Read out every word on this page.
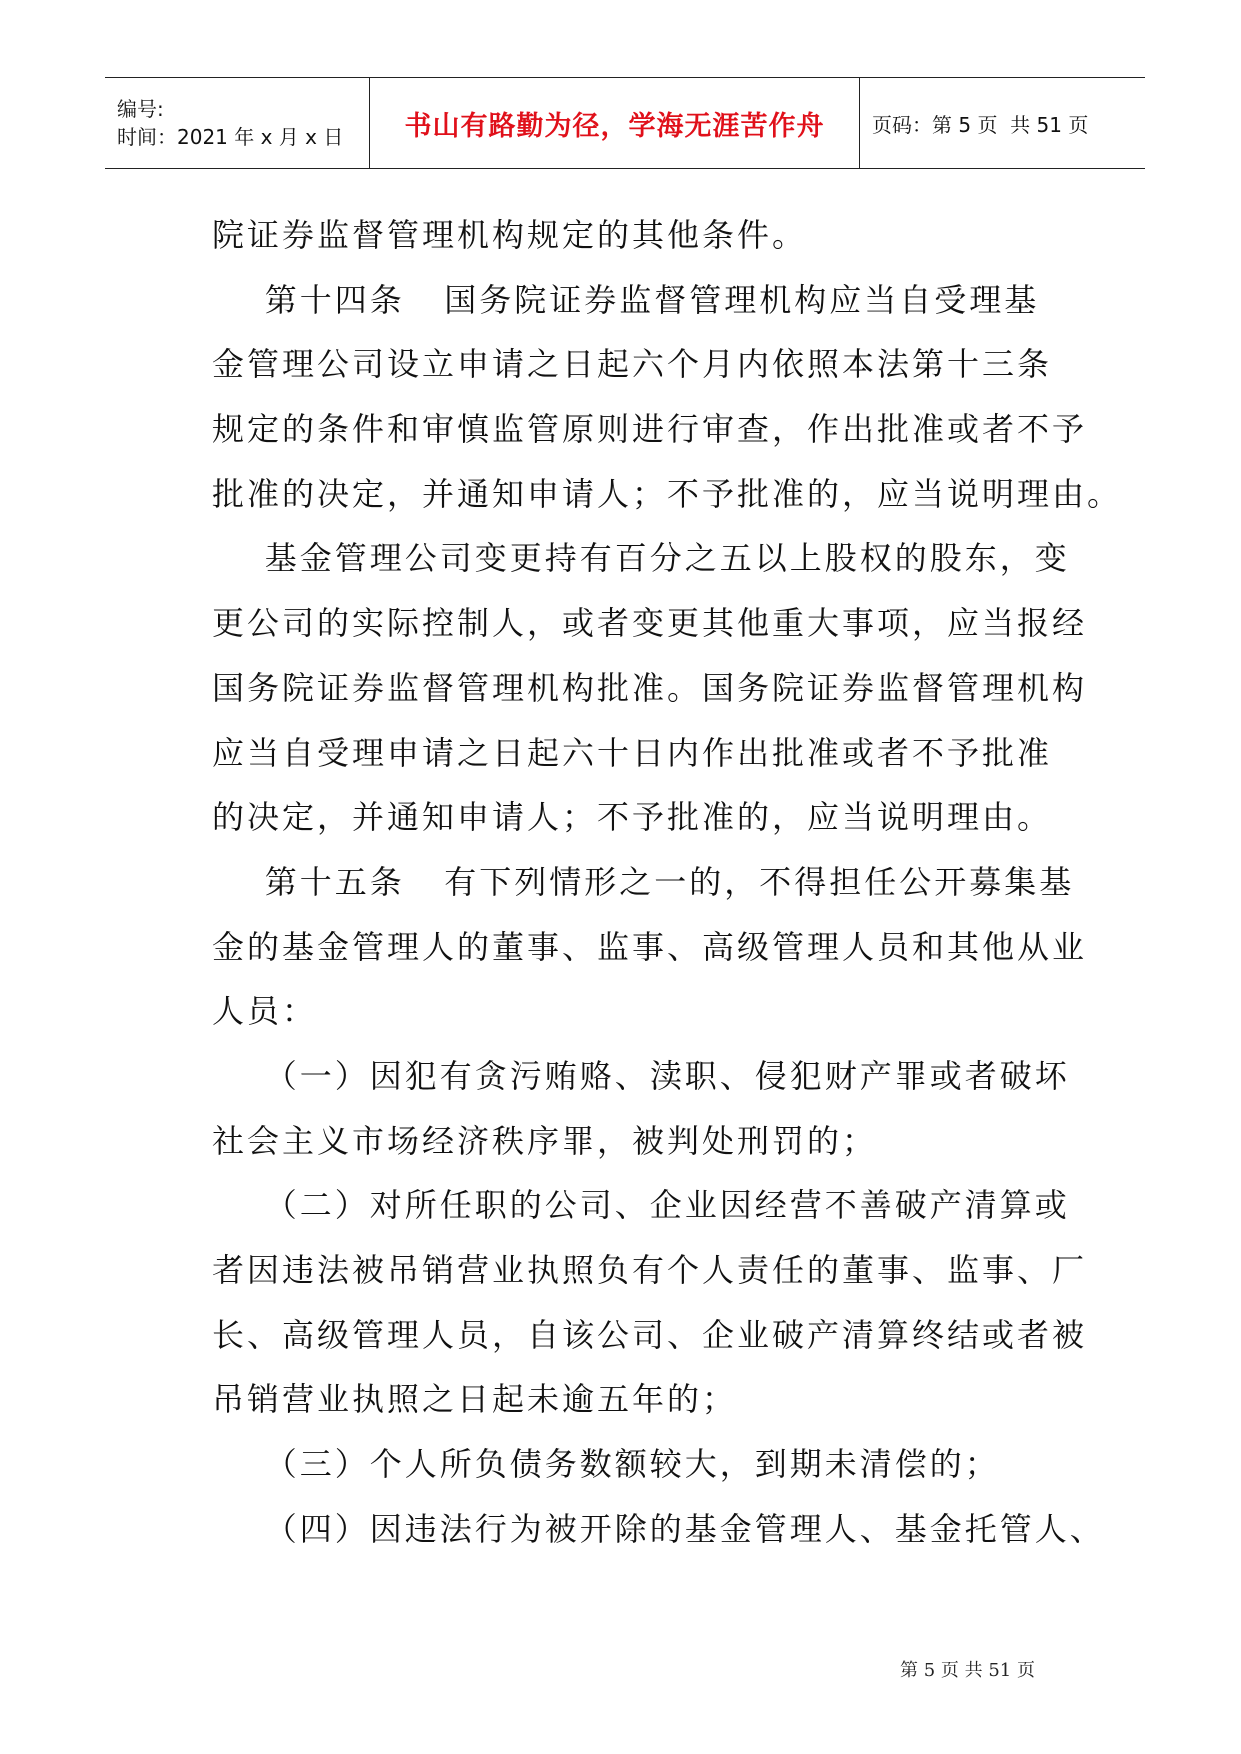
编号:
时间：2021 年 x 月 x 日	书山有路勤为径，学海无涯苦作舟	页码：第 5 页  共 51 页
院证券监督管理机构规定的其他条件。
第十四条   国务院证券监督管理机构应当自受理基
金管理公司设立申请之日起六个月内依照本法第十三条
规定的条件和审慎监管原则进行审查，作出批准或者不予
批准的决定，并通知申请人；不予批准的，应当说明理由。
基金管理公司变更持有百分之五以上股权的股东，变
更公司的实际控制人，或者变更其他重大事项，应当报经
国务院证券监督管理机构批准。国务院证券监督管理机构
应当自受理申请之日起六十日内作出批准或者不予批准
的决定，并通知申请人；不予批准的，应当说明理由。
第十五条   有下列情形之一的，不得担任公开募集基
金的基金管理人的董事、监事、高级管理人员和其他从业
人员：
（一）因犯有贪污贿赂、渎职、侵犯财产罪或者破坏
社会主义市场经济秩序罪，被判处刑罚的；
（二）对所任职的公司、企业因经营不善破产清算或
者因违法被吊销营业执照负有个人责任的董事、监事、厂
长、高级管理人员，自该公司、企业破产清算终结或者被
吊销营业执照之日起未逾五年的；
（三）个人所负债务数额较大，到期未清偿的；
（四）因违法行为被开除的基金管理人、基金托管人、
第 5 页 共 51 页
